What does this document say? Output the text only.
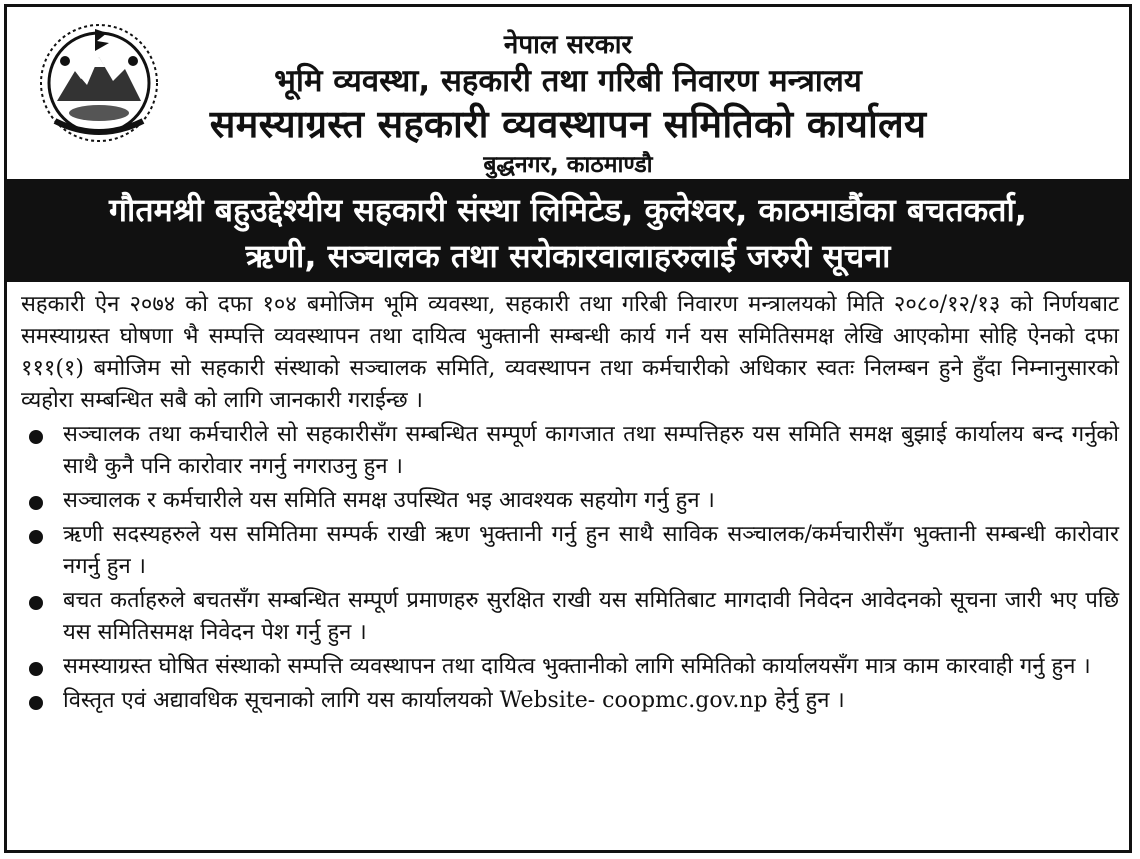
नेपाल सरकार
भूमि व्यवस्था, सहकारी तथा गरिबी निवारण मन्त्रालय
समस्याग्रस्त सहकारी व्यवस्थापन समितिको कार्यालय
बुद्धनगर, काठमाण्डौ
गौतमश्री बहुउद्देश्यीय सहकारी संस्था लिमिटेड, कुलेश्वर, काठमाडौंका बचतकर्ता,
ऋणी, सञ्चालक तथा सरोकारवालाहरुलाई जरुरी सूचना
सहकारी ऐन २०७४ को दफा १०४ बमोजिम भूमि व्यवस्था, सहकारी तथा गरिबी निवारण मन्त्रालयको मिति २०८०/१२/१३ को निर्णयबाट समस्याग्रस्त घोषणा भै सम्पत्ति व्यवस्थापन तथा दायित्व भुक्तानी सम्बन्धी कार्य गर्न यस समितिसमक्ष लेखि आएकोमा सोहि ऐनको दफा १११(१) बमोजिम सो सहकारी संस्थाको सञ्चालक समिति, व्यवस्थापन तथा कर्मचारीको अधिकार स्वतः निलम्बन हुने हुँदा निम्नानुसारको व्यहोरा सम्बन्धित सबै को लागि जानकारी गराईन्छ ।
सञ्चालक तथा कर्मचारीले सो सहकारीसँग सम्बन्धित सम्पूर्ण कागजात तथा सम्पत्तिहरु यस समिति समक्ष बुझाई कार्यालय बन्द गर्नुको साथै कुनै पनि कारोवार नगर्नु नगराउनु हुन ।
सञ्चालक र कर्मचारीले यस समिति समक्ष उपस्थित भइ आवश्यक सहयोग गर्नु हुन ।
ऋणी सदस्यहरुले यस समितिमा सम्पर्क राखी ऋण भुक्तानी गर्नु हुन साथै साविक सञ्चालक/कर्मचारीसँग भुक्तानी सम्बन्धी कारोवार नगर्नु हुन ।
बचत कर्ताहरुले बचतसँग सम्बन्धित सम्पूर्ण प्रमाणहरु सुरक्षित राखी यस समितिबाट मागदावी निवेदन आवेदनको सूचना जारी भए पछि यस समितिसमक्ष निवेदन पेश गर्नु हुन ।
समस्याग्रस्त घोषित संस्थाको सम्पत्ति व्यवस्थापन तथा दायित्व भुक्तानीको लागि समितिको कार्यालयसँग मात्र काम कारवाही गर्नु हुन ।
विस्तृत एवं अद्यावधिक सूचनाको लागि यस कार्यालयको Website- coopmc.gov.np हेर्नु हुन ।
